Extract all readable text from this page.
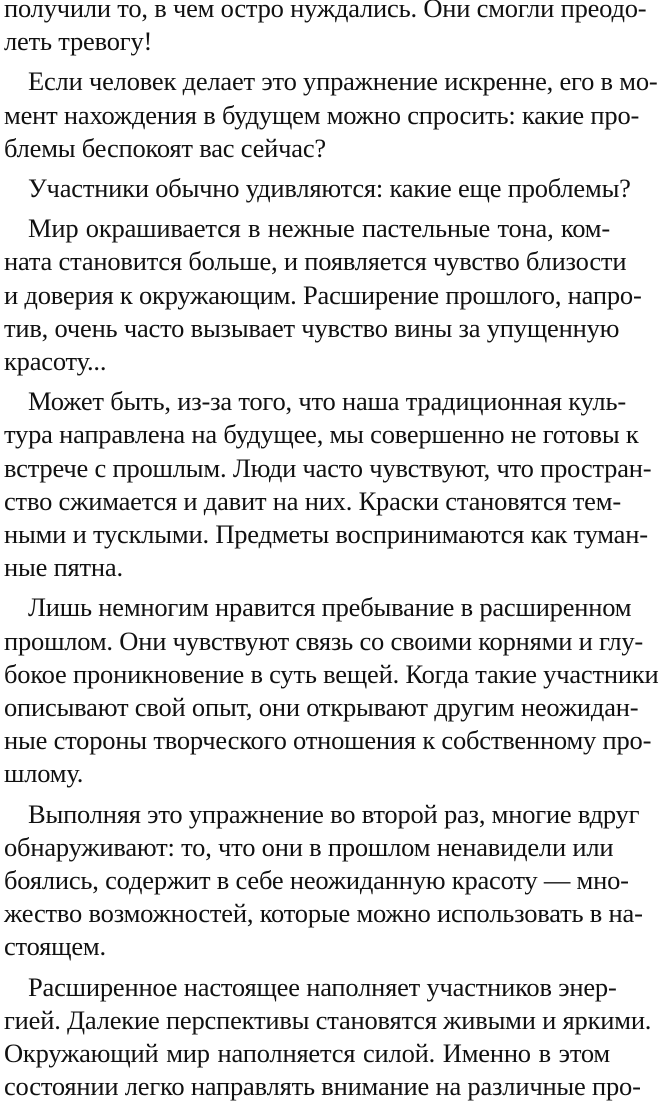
получили то, в чем остро нуждались. Они смогли преодо-
леть тревогу!

Если человек делает это упражнение искренне, его в мо-
мент нахождения в будущем можно спросить: какие про-
блемы беспокоят вас сейчас?

Участники обычно удивляются: какие еще проблемы?

Мир окрашивается в нежные пастельные тона, ком-
ната становится больше, и появляется чувство близости
и доверия к окружающим. Расширение прошлого, напро-
тив, очень часто вызывает чувство вины за упущенную
красоту...

Может быть, из-за того, что наша традиционная куль-
тура направлена на будущее, мы совершенно не готовы к
встрече с прошлым. Люди часто чувствуют, что простран-
ство сжимается и давит на них. Краски становятся тем-
ными и тусклыми. Предметы воспринимаются как туман-
ные пятна.

Лишь немногим нравится пребывание в расширенном
прошлом. Они чувствуют связь со своими корнями и глу-
бокое проникновение в суть вещей. Когда такие участники
описывают свой опыт, они открывают другим неожидан-
ные стороны творческого отношения к собственному про-
шлому.

Выполняя это упражнение во второй раз, многие вдруг
обнаруживают: то, что они в прошлом ненавидели или
боялись, содержит в себе неожиданную красоту — мно-
жество возможностей, которые можно использовать в на-
стоящем.

Расширенное настоящее наполняет участников энер-
гией. Далекие перспективы становятся живыми и яркими.
Окружающий мир наполняется силой. Именно в этом
состоянии легко направлять внимание на различные про-
